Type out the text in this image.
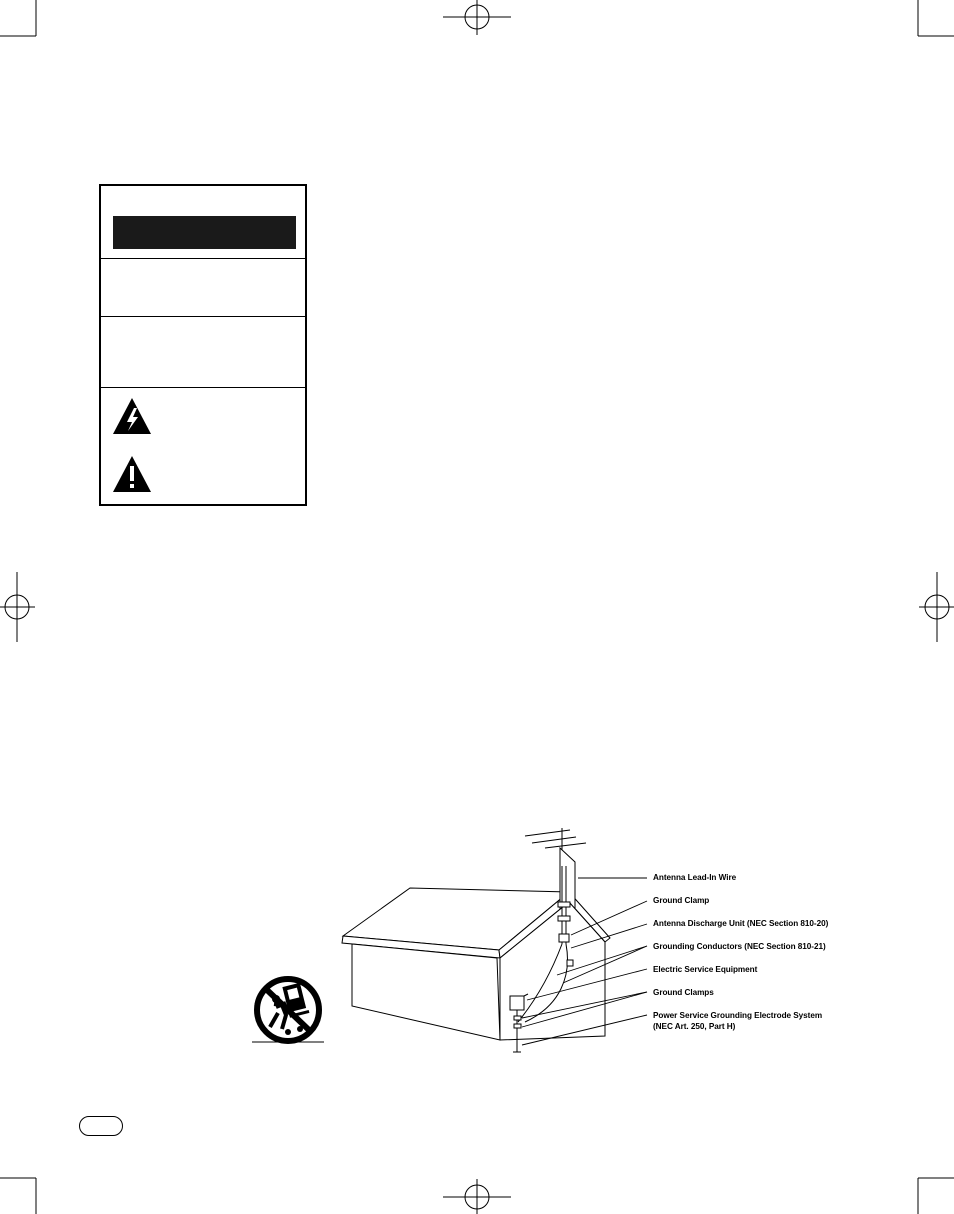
Antenna Lead-In Wire
Ground Clamp
Antenna Discharge Unit (NEC Section 810-20)
Grounding Conductors (NEC Section 810-21)
Electric Service Equipment
Ground Clamps
Power Service Grounding Electrode System
(NEC Art. 250, Part H)
